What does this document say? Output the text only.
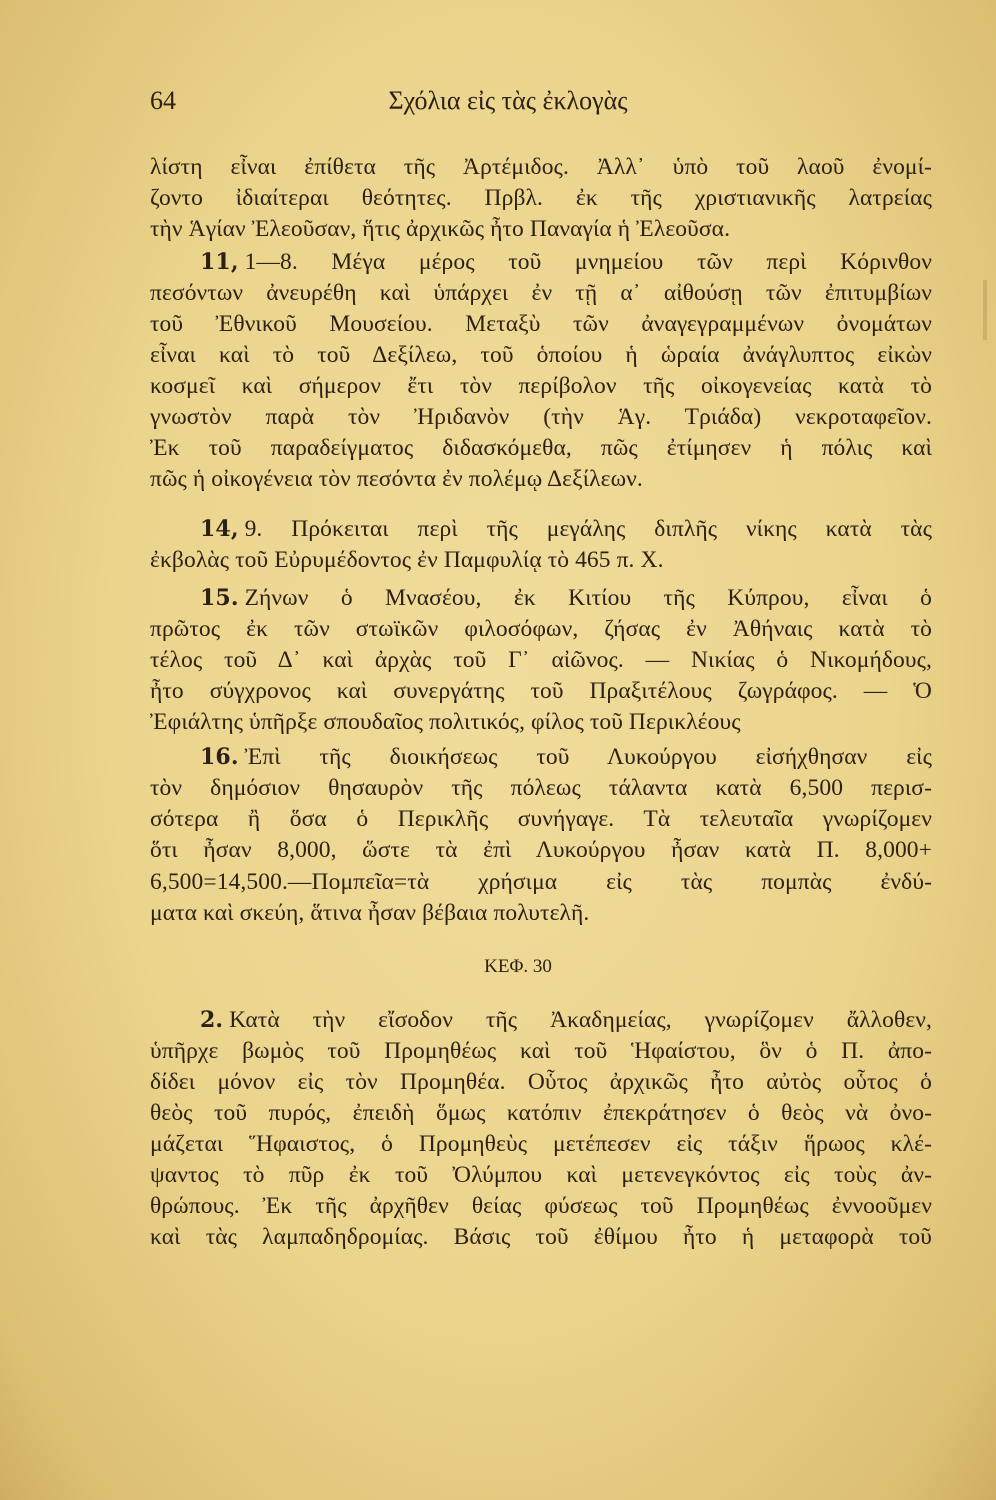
64	Σχόλια εἰς τὰς ἐκλογὰς
ΚΕΦ. 30
λίστη εἶναι ἐπίθετα τῆς Ἀρτέμιδος. Ἀλλ᾽ ὑπὸ τοῦ λαοῦ ἐνομί-
ζοντο ἰδιαίτεραι θεότητες. Πρβλ. ἐκ τῆς χριστιανικῆς λατρείας
τὴν Ἁγίαν Ἐλεοῦσαν, ἥτις ἀρχικῶς ἦτο Παναγία ἡ Ἐλεοῦσα.
11, 1—8. Μέγα μέρος τοῦ μνημείου τῶν περὶ Κόρινθον
πεσόντων ἀνευρέθη καὶ ὑπάρχει ἐν τῇ α᾽ αἰθούσῃ τῶν ἐπιτυμβίων
τοῦ Ἐθνικοῦ Μουσείου. Μεταξὺ τῶν ἀναγεγραμμένων ὀνομάτων
εἶναι καὶ τὸ τοῦ Δεξίλεω, τοῦ ὁποίου ἡ ὡραία ἀνάγλυπτος εἰκὼν
κοσμεῖ καὶ σήμερον ἔτι τὸν περίβολον τῆς οἰκογενείας κατὰ τὸ
γνωστὸν παρὰ τὸν Ἠριδανὸν (τὴν Ἁγ. Τριάδα) νεκροταφεῖον.
Ἐκ τοῦ παραδείγματος διδασκόμεθα, πῶς ἐτίμησεν ἡ πόλις καὶ
πῶς ἡ οἰκογένεια τὸν πεσόντα ἐν πολέμῳ Δεξίλεων.
14, 9. Πρόκειται περὶ τῆς μεγάλης διπλῆς νίκης κατὰ τὰς
ἐκβολὰς τοῦ Εὐρυμέδοντος ἐν Παμφυλίᾳ τὸ 465 π. Χ.
15. Ζήνων ὁ Μνασέου, ἐκ Κιτίου τῆς Κύπρου, εἶναι ὁ
πρῶτος ἐκ τῶν στωϊκῶν φιλοσόφων, ζήσας ἐν Ἀθήναις κατὰ τὸ
τέλος τοῦ Δ᾽ καὶ ἀρχὰς τοῦ Γ᾽ αἰῶνος. — Νικίας ὁ Νικομήδους,
ἦτο σύγχρονος καὶ συνεργάτης τοῦ Πραξιτέλους ζωγράφος. — Ὁ
Ἐφιάλτης ὑπῆρξε σπουδαῖος πολιτικός, φίλος τοῦ Περικλέους
16. Ἐπὶ τῆς διοικήσεως τοῦ Λυκούργου εἰσήχθησαν εἰς
τὸν δημόσιον θησαυρὸν τῆς πόλεως τάλαντα κατὰ 6,500 περισ-
σότερα ἢ ὅσα ὁ Περικλῆς συνήγαγε. Τὰ τελευταῖα γνωρίζομεν
ὅτι ἦσαν 8,000, ὥστε τὰ ἐπὶ Λυκούργου ἦσαν κατὰ Π. 8,000+
6,500=14,500.—Πομπεῖα=τὰ χρήσιμα εἰς τὰς πομπὰς ἐνδύ-
ματα καὶ σκεύη, ἅτινα ἦσαν βέβαια πολυτελῆ.
2. Κατὰ τὴν εἴσοδον τῆς Ἀκαδημείας, γνωρίζομεν ἄλλοθεν,
ὑπῆρχε βωμὸς τοῦ Προμηθέως καὶ τοῦ Ἡφαίστου, ὃν ὁ Π. ἀπο-
δίδει μόνον εἰς τὸν Προμηθέα. Οὗτος ἀρχικῶς ἦτο αὐτὸς οὗτος ὁ
θεὸς τοῦ πυρός, ἐπειδὴ ὅμως κατόπιν ἐπεκράτησεν ὁ θεὸς νὰ ὀνο-
μάζεται Ἥφαιστος, ὁ Προμηθεὺς μετέπεσεν εἰς τάξιν ἥρωος κλέ-
ψαντος τὸ πῦρ ἐκ τοῦ Ὀλύμπου καὶ μετενεγκόντος εἰς τοὺς ἀν-
θρώπους. Ἐκ τῆς ἀρχῆθεν θείας φύσεως τοῦ Προμηθέως ἐννοοῦμεν
καὶ τὰς λαμπαδηδρομίας. Βάσις τοῦ ἐθίμου ἦτο ἡ μεταφορὰ τοῦ
